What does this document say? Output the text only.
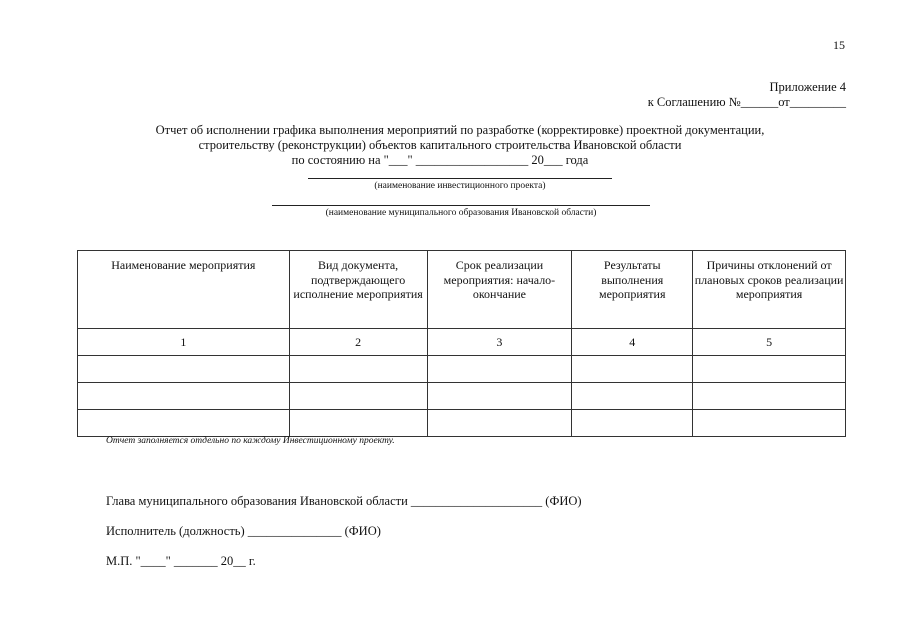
15
Приложение 4
к Соглашению №______от_________
Отчет об исполнении графика выполнения мероприятий по разработке (корректировке) проектной документации,
строительству (реконструкции) объектов капитального строительства Ивановской области
по состоянию на "___" __________________ 20___ года
(наименование инвестиционного проекта)
(наименование муниципального образования Ивановской области)
Наименование мероприятия	Вид документа, подтверждающего исполнение мероприятия	Срок реализации мероприятия: начало-окончание	Результаты выполнения мероприятия	Причины отклонений от плановых сроков реализации мероприятия
1	2	3	4	5

Отчет заполняется отдельно по каждому Инвестиционному проекту.
Глава муниципального образования Ивановской области _____________________ (ФИО)
Исполнитель (должность) _______________ (ФИО)
М.П. "____" _______ 20__ г.
